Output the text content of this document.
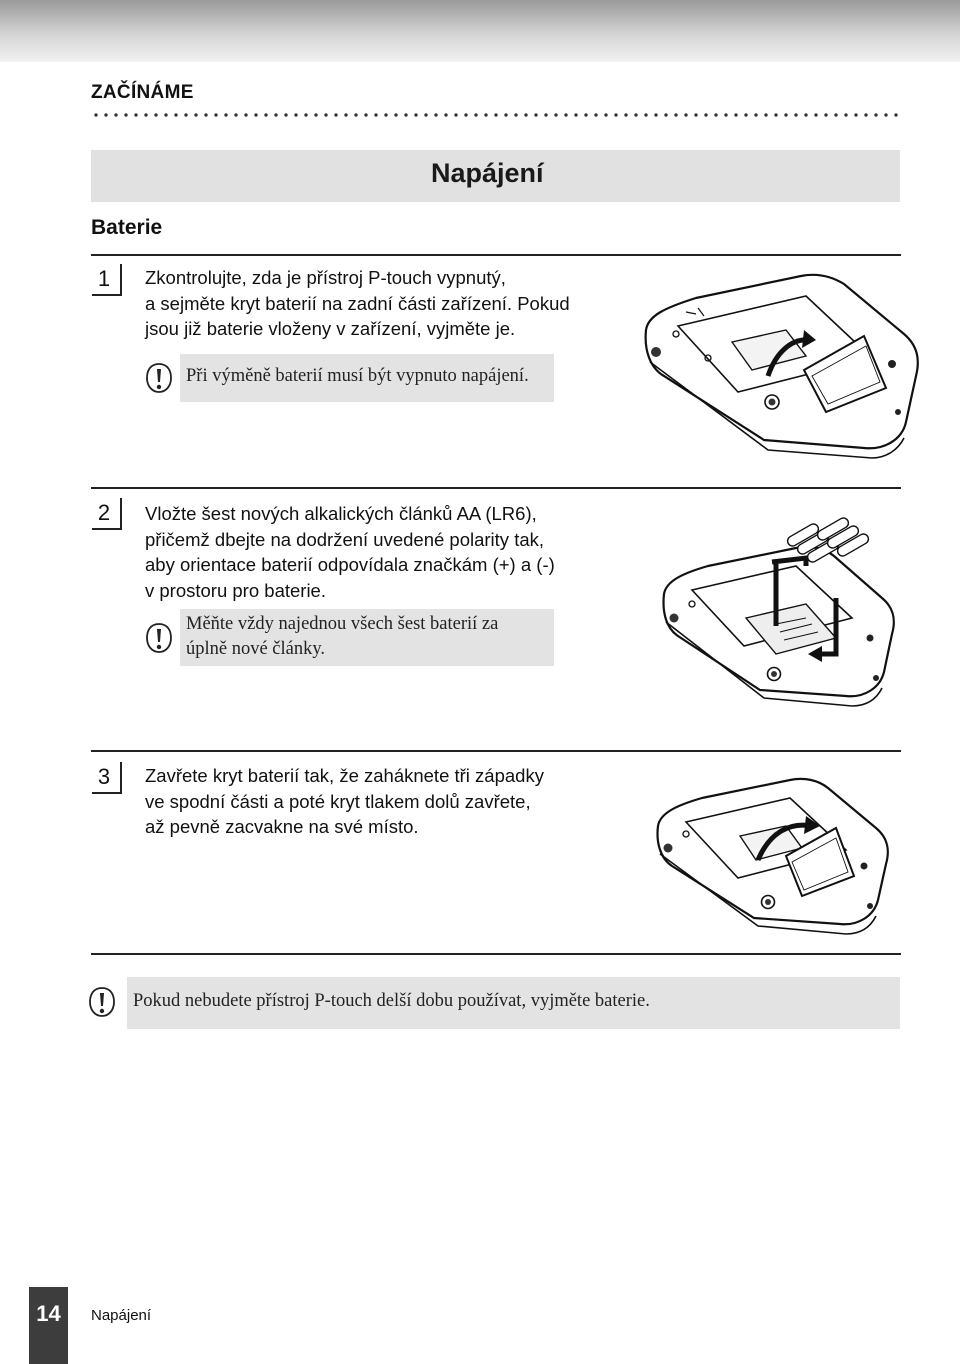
ZAČÍNÁME
Napájení
Baterie
1	Zkontrolujte, zda je přístroj P-touch vypnutý,
a sejměte kryt baterií na zadní části zařízení. Pokud
jsou již baterie vloženy v zařízení, vyjměte je.
Při výměně baterií musí být vypnuto napájení.
2	Vložte šest nových alkalických článků AA (LR6),
přičemž dbejte na dodržení uvedené polarity tak,
aby orientace baterií odpovídala značkám (+) a (-)
v prostoru pro baterie.
Měňte vždy najednou všech šest baterií za
úplně nové články.
3	Zavřete kryt baterií tak, že zaháknete tři západky
ve spodní části a poté kryt tlakem dolů zavřete,
až pevně zacvakne na své místo.
Pokud nebudete přístroj P-touch delší dobu používat, vyjměte baterie.
14	Napájení
